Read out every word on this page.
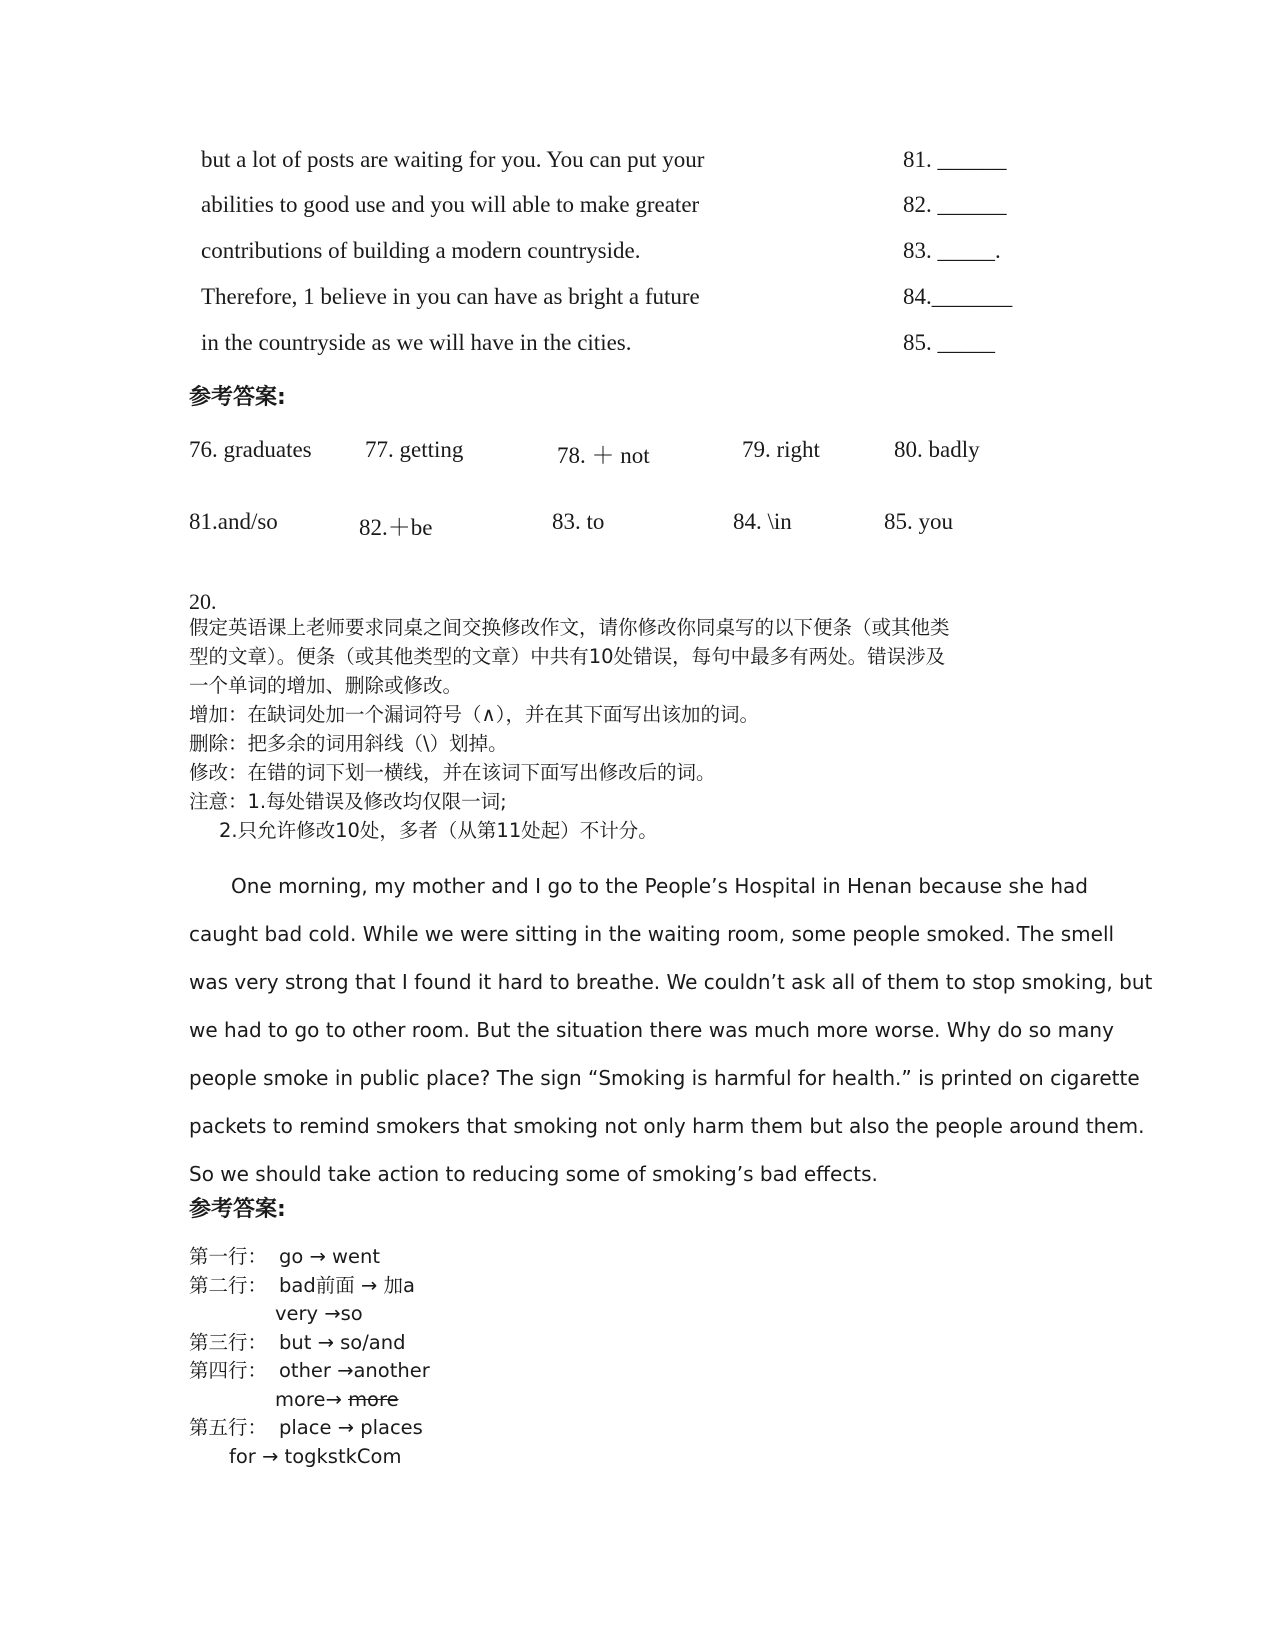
but a lot of posts are waiting for you. You can put your	81. ______
abilities to good use and you will able to make greater	82. ______
contributions of building a modern countryside.	83. _____.
Therefore, 1 believe in you can have as bright a future	84._______
in the countryside as we will have in the cities.	85. _____
参考答案:
76. graduates 77. getting	78. ＋ not	79. right	80. badly
81.and/so	82.＋be	83. to	84. \in	85. you
20.
假定英语课上老师要求同桌之间交换修改作文，请你修改你同桌写的以下便条（或其他类
型的文章）。便条（或其他类型的文章）中共有10处错误，每句中最多有两处。错误涉及
一个单词的增加、删除或修改。
增加：在缺词处加一个漏词符号（∧），并在其下面写出该加的词。
删除：把多余的词用斜线（\）划掉。
修改：在错的词下划一横线，并在该词下面写出修改后的词。
注意：1.每处错误及修改均仅限一词;
2.只允许修改10处，多者（从第11处起）不计分。
One morning, my mother and I go to the People’s Hospital in Henan because she had
caught bad cold. While we were sitting in the waiting room, some people smoked. The smell
was very strong that I found it hard to breathe. We couldn’t ask all of them to stop smoking, but
we had to go to other room. But the situation there was much more worse. Why do so many
people smoke in public place? The sign “Smoking is harmful for health.” is printed on cigarette
packets to remind smokers that smoking not only harm them but also the people around them.
So we should take action to reducing some of smoking’s bad effects.
参考答案:
第一行： go → went
第二行： bad前面 → 加a
very →so
第三行： but → so/and
第四行： other →another
more→ more
第五行： place → places
for → togkstkCom
